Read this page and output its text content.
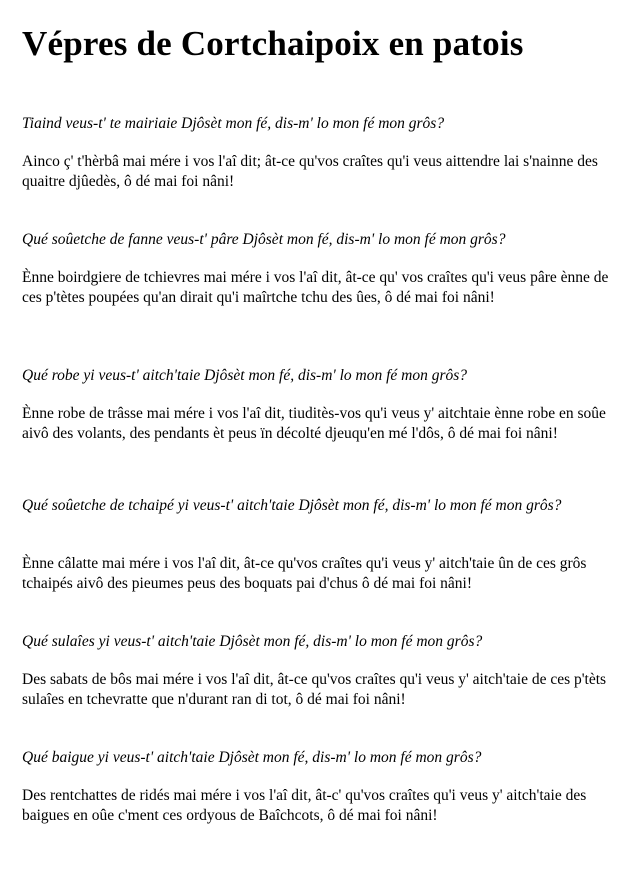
Vépres de Cortchaipoix en patois

Tiaind veus-t' te mairiaie Djôsèt mon fé, dis-m' lo mon fé mon grôs?

Ainco ç' t'hèrbâ mai mére i vos l'aî dit; ât-ce qu'vos craîtes qu'i veus aittendre lai s'nainne des quaitre djûedès, ô dé mai foi nâni!

Qué soûetche de fanne veus-t' pâre Djôsèt mon fé, dis-m' lo mon fé mon grôs?

Ènne boirdgiere de tchievres mai mére i vos l'aî dit, ât-ce qu' vos craîtes qu'i veus pâre ènne de ces p'tètes poupées qu'an dirait qu'i maîrtche tchu des ûes, ô dé mai foi nâni!

Qué robe yi veus-t' aitch'taie Djôsèt mon fé, dis-m' lo mon fé mon grôs?

Ènne robe de trâsse mai mére i vos l'aî dit, tiuditès-vos qu'i veus y' aitchtaie ènne robe en soûe aivô des volants, des pendants èt peus ïn décolté djeuqu'en mé l'dôs, ô dé mai foi nâni!

Qué soûetche de tchaipé yi veus-t' aitch'taie Djôsèt mon fé, dis-m' lo mon fé mon grôs?

Ènne câlatte mai mére i vos l'aî dit, ât-ce qu'vos craîtes qu'i veus y' aitch'taie ûn de ces grôs tchaipés aivô des pieumes peus des boquats pai d'chus ô dé mai foi nâni!

Qué sulaîes yi veus-t' aitch'taie Djôsèt mon fé, dis-m' lo mon fé mon grôs?

Des sabats de bôs mai mére i vos l'aî dit, ât-ce qu'vos craîtes qu'i veus y' aitch'taie de ces p'tèts sulaîes en tchevratte que n'durant ran di tot, ô dé mai foi nâni!

Qué baigue yi veus-t' aitch'taie Djôsèt mon fé, dis-m' lo mon fé mon grôs?

Des rentchattes de ridés mai mére i vos l'aî dit, ât-c' qu'vos craîtes qu'i veus y' aitch'taie des baigues en oûe c'ment ces ordyous de Baîchcots, ô dé mai foi nâni!
